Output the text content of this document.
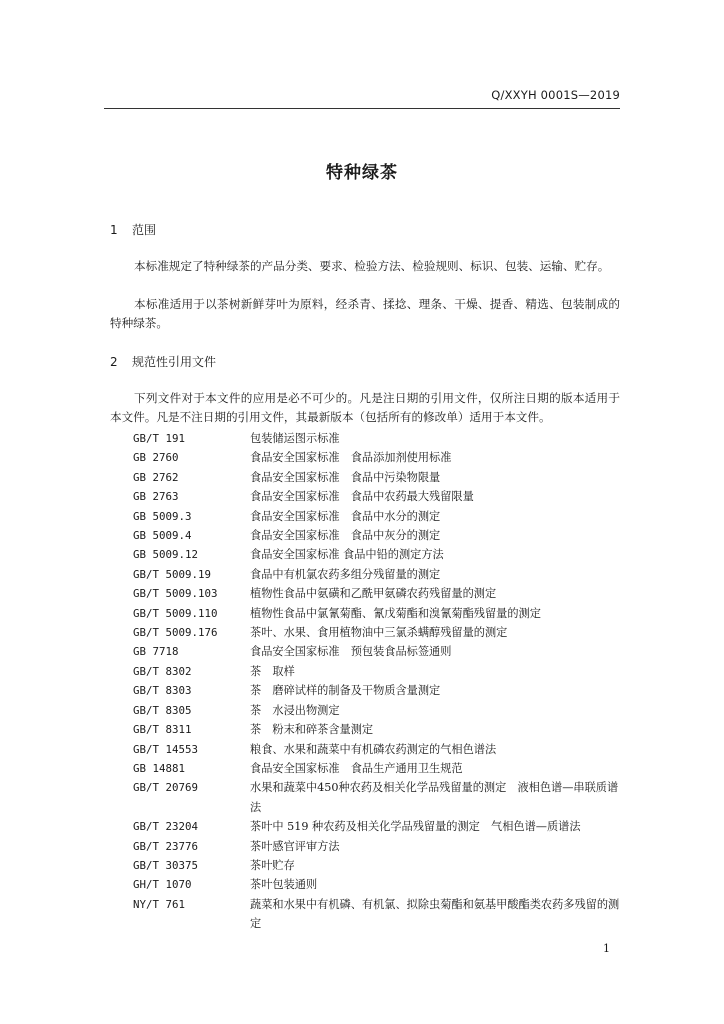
Q/XXYH 0001S—2019
特种绿茶
1 范围
本标准规定了特种绿茶的产品分类、要求、检验方法、检验规则、标识、包装、运输、贮存。
本标准适用于以茶树新鲜芽叶为原料，经杀青、揉捻、理条、干燥、提香、精选、包装制成的特种绿茶。
2 规范性引用文件
下列文件对于本文件的应用是必不可少的。凡是注日期的引用文件，仅所注日期的版本适用于本文件。凡是不注日期的引用文件，其最新版本（包括所有的修改单）适用于本文件。
GB/T 191	包装储运图示标准
GB 2760	食品安全国家标准　食品添加剂使用标准
GB 2762	食品安全国家标准　食品中污染物限量
GB 2763	食品安全国家标准　食品中农药最大残留限量
GB 5009.3	食品安全国家标准　食品中水分的测定
GB 5009.4	食品安全国家标准　食品中灰分的测定
GB 5009.12	食品安全国家标准 食品中铅的测定方法
GB/T 5009.19	食品中有机氯农药多组分残留量的测定
GB/T 5009.103	植物性食品中氨磺和乙酰甲氨磷农药残留量的测定
GB/T 5009.110	植物性食品中氯氰菊酯、氰戊菊酯和溴氰菊酯残留量的测定
GB/T 5009.176	茶叶、水果、食用植物油中三氯杀螨醇残留量的测定
GB 7718	食品安全国家标准　预包装食品标签通则
GB/T 8302	茶　取样
GB/T 8303	茶　磨碎试样的制备及干物质含量测定
GB/T 8305	茶　水浸出物测定
GB/T 8311	茶　粉末和碎茶含量测定
GB/T 14553	粮食、水果和蔬菜中有机磷农药测定的气相色谱法
GB 14881	食品安全国家标准　食品生产通用卫生规范
GB/T 20769	水果和蔬菜中450种农药及相关化学品残留量的测定　液相色谱—串联质谱法
GB/T 23204	茶叶中 519 种农药及相关化学品残留量的测定　气相色谱—质谱法
GB/T 23776	茶叶感官评审方法
GB/T 30375	茶叶贮存
GH/T 1070	茶叶包装通则
NY/T 761	蔬菜和水果中有机磷、有机氯、拟除虫菊酯和氨基甲酸酯类农药多残留的测定
1
